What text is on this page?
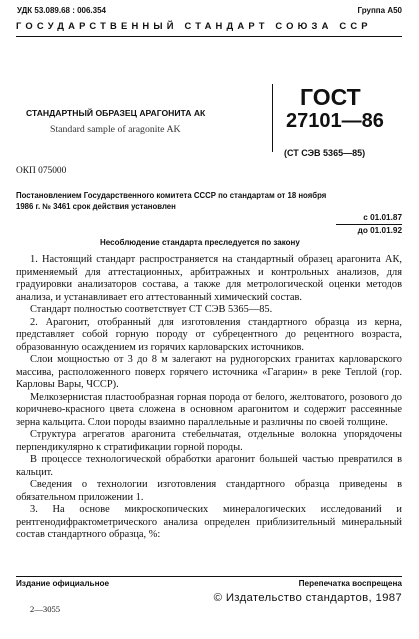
УДК 53.089.68 : 006.354	Группа А50
ГОСУДАРСТВЕННЫЙ СТАНДАРТ СОЮЗА ССР
СТАНДАРТНЫЙ ОБРАЗЕЦ АРАГОНИТА АК
Standard sample of aragonite AK
ОКП 075000
ГОСТ
27101—86
(СТ СЭВ 5365—85)
Постановлением Государственного комитета СССР по стандартам от 18 ноября
1986 г. № 3461 срок действия установлен
с 01.01.87
до 01.01.92
Несоблюдение стандарта преследуется по закону

1. Настоящий стандарт распространяется на стандартный образец арагонита АК, применяемый для аттестационных, арбитражных и контрольных анализов, для градуировки анализаторов состава, а также для метрологической оценки методов анализа, и устанавливает его аттестованный химический состав.

Стандарт полностью соответствует СТ СЭВ 5365—85.

2. Арагонит, отобранный для изготовления стандартного образца из керна, представляет собой горную породу от субрецентного до рецентного возраста, образованную осаждением из горячих карловарских источников.

Слои мощностью от 3 до 8 м залегают на рудногорских гранитах карловарского массива, расположенного поверх горячего источника «Гагарин» в реке Теплой (гор. Карловы Вары, ЧССР).

Мелкозернистая пластообразная горная порода от белого, желтоватого, розового до коричнево-красного цвета сложена в основном арагонитом и содержит рассеянные зерна кальцита. Слои породы взаимно параллельные и различны по своей толщине.

Структура агрегатов арагонита стебельчатая, отдельные волокна упорядочены перпендикулярно к стратификации горной породы.

В процессе технологической обработки арагонит большей частью превратился в кальцит.

Сведения о технологии изготовления стандартного образца приведены в обязательном приложении 1.

3. На основе микроскопических минералогических исследований и рентгенодифрактометрического анализа определен приблизительный минеральный состав стандартного образца, %:

Издание официальное	Перепечатка воспрещена
© Издательство стандартов, 1987
2—3055
